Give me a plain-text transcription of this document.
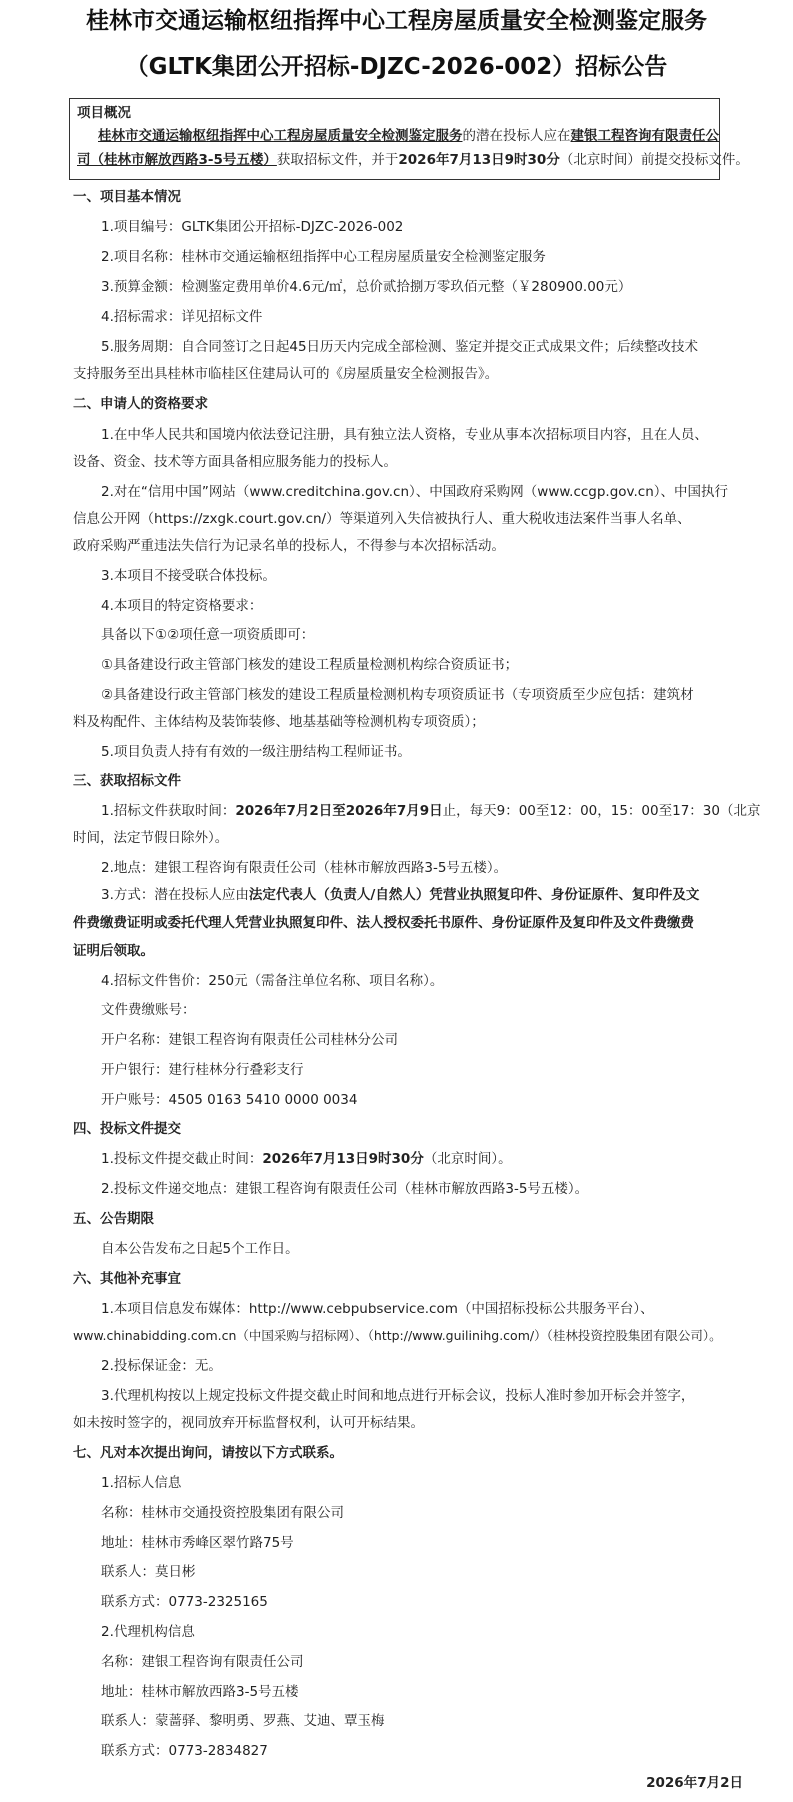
桂林市交通运输枢纽指挥中心工程房屋质量安全检测鉴定服务
（GLTK集团公开招标-DJZC-2026-002）招标公告
项目概况
桂林市交通运输枢纽指挥中心工程房屋质量安全检测鉴定服务的潜在投标人应在建银工程咨询有限责任公
司（桂林市解放西路3-5号五楼）获取招标文件，并于2026年7月13日9时30分（北京时间）前提交投标文件。
一、项目基本情况
1.项目编号：GLTK集团公开招标-DJZC-2026-002
2.项目名称：桂林市交通运输枢纽指挥中心工程房屋质量安全检测鉴定服务
3.预算金额：检测鉴定费用单价4.6元/㎡，总价贰拾捌万零玖佰元整（￥280900.00元）
4.招标需求：详见招标文件
5.服务周期：自合同签订之日起45日历天内完成全部检测、鉴定并提交正式成果文件；后续整改技术
支持服务至出具桂林市临桂区住建局认可的《房屋质量安全检测报告》。
二、申请人的资格要求
1.在中华人民共和国境内依法登记注册，具有独立法人资格，专业从事本次招标项目内容，且在人员、
设备、资金、技术等方面具备相应服务能力的投标人。
2.对在“信用中国”网站（www.creditchina.gov.cn）、中国政府采购网（www.ccgp.gov.cn）、中国执行
信息公开网（https://zxgk.court.gov.cn/）等渠道列入失信被执行人、重大税收违法案件当事人名单、
政府采购严重违法失信行为记录名单的投标人，不得参与本次招标活动。
3.本项目不接受联合体投标。
4.本项目的特定资格要求：
具备以下①②项任意一项资质即可：
①具备建设行政主管部门核发的建设工程质量检测机构综合资质证书；
②具备建设行政主管部门核发的建设工程质量检测机构专项资质证书（专项资质至少应包括：建筑材
料及构配件、主体结构及装饰装修、地基基础等检测机构专项资质）；
5.项目负责人持有有效的一级注册结构工程师证书。
三、获取招标文件
1.招标文件获取时间：2026年7月2日至2026年7月9日止，每天9：00至12：00，15：00至17：30（北京
时间，法定节假日除外）。
2.地点：建银工程咨询有限责任公司（桂林市解放西路3-5号五楼）。
3.方式：潜在投标人应由法定代表人（负责人/自然人）凭营业执照复印件、身份证原件、复印件及文
件费缴费证明或委托代理人凭营业执照复印件、法人授权委托书原件、身份证原件及复印件及文件费缴费
证明后领取。
4.招标文件售价：250元（需备注单位名称、项目名称）。
文件费缴账号：
开户名称：建银工程咨询有限责任公司桂林分公司
开户银行：建行桂林分行叠彩支行
开户账号：4505 0163 5410 0000 0034
四、投标文件提交
1.投标文件提交截止时间：2026年7月13日9时30分（北京时间）。
2.投标文件递交地点：建银工程咨询有限责任公司（桂林市解放西路3-5号五楼）。
五、公告期限
自本公告发布之日起5个工作日。
六、其他补充事宜
1.本项目信息发布媒体：http://www.cebpubservice.com（中国招标投标公共服务平台）、
www.chinabidding.com.cn（中国采购与招标网）、（http://www.guilinihg.com/）（桂林投资控股集团有限公司）。
2.投标保证金：无。
3.代理机构按以上规定投标文件提交截止时间和地点进行开标会议，投标人准时参加开标会并签字，
如未按时签字的，视同放弃开标监督权利，认可开标结果。
七、凡对本次提出询问，请按以下方式联系。
1.招标人信息
名称：桂林市交通投资控股集团有限公司
地址：桂林市秀峰区翠竹路75号
联系人：莫日彬
联系方式：0773-2325165
2.代理机构信息
名称：建银工程咨询有限责任公司
地址：桂林市解放西路3-5号五楼
联系人：蒙蔷驿、黎明勇、罗燕、艾迪、覃玉梅
联系方式：0773-2834827
2026年7月2日
